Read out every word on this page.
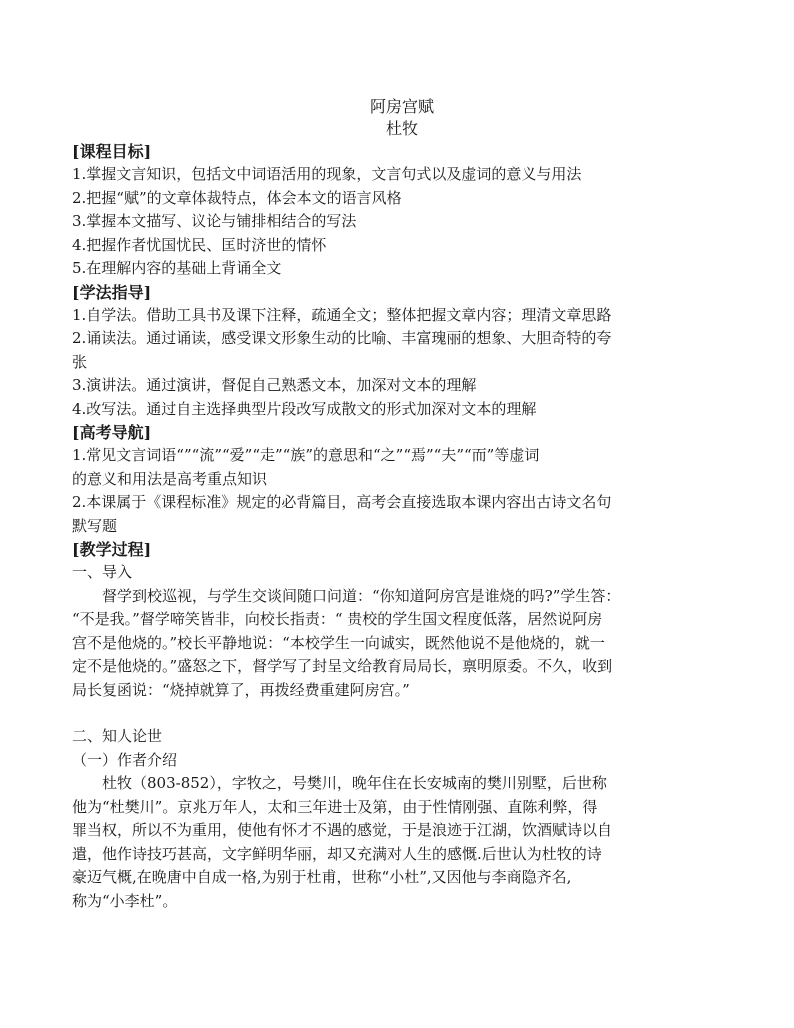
阿房宫赋

杜牧

[课程目标]

1.掌握文言知识，包括文中词语活用的现象，文言句式以及虚词的意义与用法

2.把握“赋”的文章体裁特点，体会本文的语言风格

3.掌握本文描写、议论与铺排相结合的写法

4.把握作者忧国忧民、匡时济世的情怀

5.在理解内容的基础上背诵全文

[学法指导]

1.自学法。借助工具书及课下注释，疏通全文；整体把握文章内容；理清文章思路

2.诵读法。通过诵读，感受课文形象生动的比喻、丰富瑰丽的想象、大胆奇特的夸

张

3.演讲法。通过演讲，督促自己熟悉文本，加深对文本的理解

4.改写法。通过自主选择典型片段改写成散文的形式加深对文本的理解

[高考导航]

1.常见文言词语“”“流”“爱”“走”“族”的意思和“之”“焉”“夫”“而”等虚词

的意义和用法是高考重点知识

2.本课属于《课程标准》规定的必背篇目，高考会直接选取本课内容出古诗文名句

默写题

[教学过程]

一、导入

督学到校巡视，与学生交谈间随口问道：“你知道阿房宫是谁烧的吗?”学生答：
“不是我。”督学啼笑皆非，向校长指责：“ 贵校的学生国文程度低落，居然说阿房
宫不是他烧的。”校长平静地说：“本校学生一向诚实，既然他说不是他烧的，就一
定不是他烧的。”盛怒之下，督学写了封呈文给教育局局长，禀明原委。不久，收到
局长复函说：“烧掉就算了，再拨经费重建阿房宫。”

二、知人论世

（一）作者介绍

杜牧（803-852），字牧之，号樊川，晚年住在长安城南的樊川别墅，后世称
他为“杜樊川”。京兆万年人，太和三年进士及第，由于性情刚强、直陈利弊，得
罪当权，所以不为重用，使他有怀才不遇的感觉，于是浪迹于江湖，饮酒赋诗以自
遣，他作诗技巧甚高，文字鲜明华丽，却又充满对人生的感慨.后世认为杜牧的诗
豪迈气概,在晚唐中自成一格,为别于杜甫，世称“小杜”,又因他与李商隐齐名,
称为“小李杜”。
